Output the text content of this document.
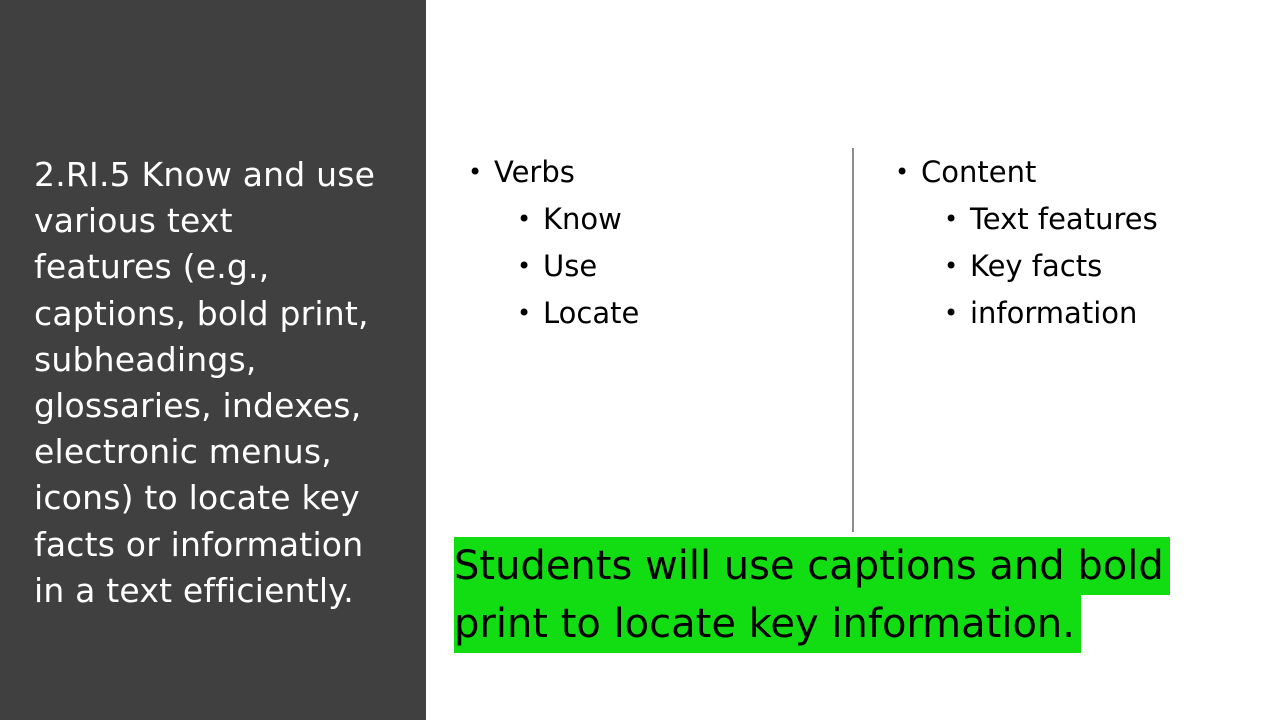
2.RI.5 Know and use
various text
features (e.g.,
captions, bold print,
subheadings,
glossaries, indexes,
electronic menus,
icons) to locate key
facts or information
in a text efficiently.

• Verbs
• Know
• Use
• Locate
• Content
• Text features
• Key facts
• information

Students will use captions and bold
print to locate key information.
